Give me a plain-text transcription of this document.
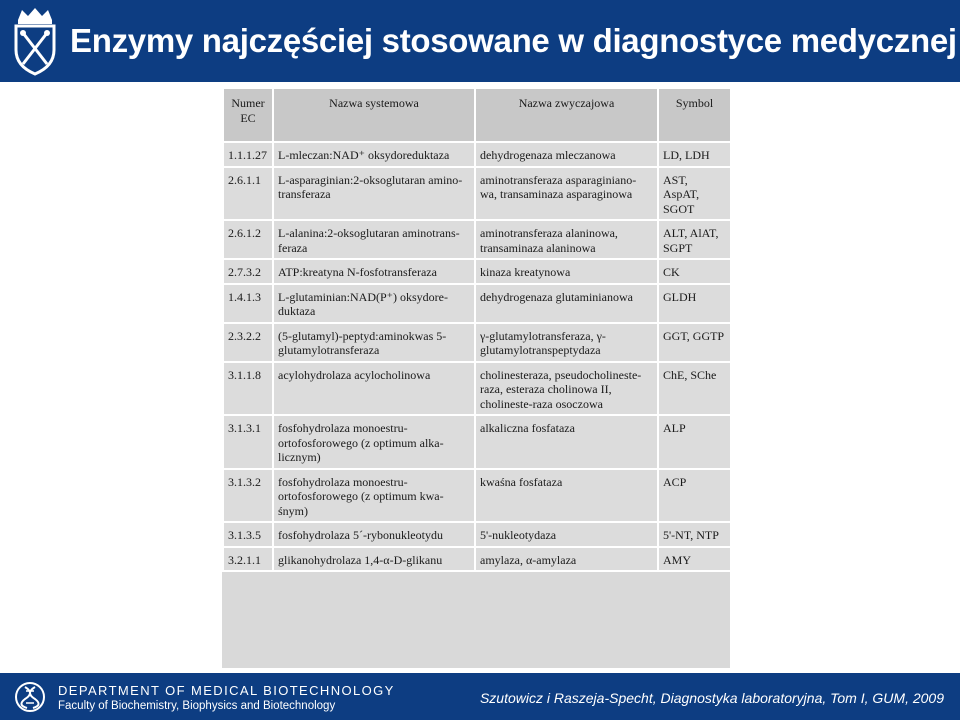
Enzymy najczęściej stosowane w diagnostyce medycznej
Numer EC	Nazwa systemowa	Nazwa zwyczajowa	Symbol
1.1.1.27	L-mleczan:NAD⁺ oksydoreduktaza	dehydrogenaza mleczanowa	LD, LDH
2.6.1.1	L-asparaginian:2-oksoglutaran amino-transferaza	aminotransferaza asparaginiano-wa, transaminaza asparaginowa	AST, AspAT, SGOT
2.6.1.2	L-alanina:2-oksoglutaran aminotrans-feraza	aminotransferaza alaninowa, transaminaza alaninowa	ALT, AlAT, SGPT
2.7.3.2	ATP:kreatyna N-fosfotransferaza	kinaza kreatynowa	CK
1.4.1.3	L-glutaminian:NAD(P⁺) oksydore-duktaza	dehydrogenaza glutaminianowa	GLDH
2.3.2.2	(5-glutamyl)-peptyd:aminokwas 5-glutamylotransferaza	γ-glutamylotransferaza, γ-glutamylotranspeptydaza	GGT, GGTP
3.1.1.8	acylohydrolaza acylocholinowa	cholinesteraza, pseudocholineste-raza, esteraza cholinowa II, cholineste-raza osoczowa	ChE, SChe
3.1.3.1	fosfohydrolaza monoestru-ortofosforowego (z optimum alka-licznym)	alkaliczna fosfataza	ALP
3.1.3.2	fosfohydrolaza monoestru-ortofosforowego (z optimum kwa-śnym)	kwaśna fosfataza	ACP
3.1.3.5	fosfohydrolaza 5´-rybonukleotydu	5'-nukleotydaza	5'-NT, NTP
3.2.1.1	glikanohydrolaza 1,4-α-D-glikanu	amylaza, α-amylaza	AMY
DEPARTMENT OF MEDICAL BIOTECHNOLOGY
Faculty of Biochemistry, Biophysics and Biotechnology	Szutowicz i Raszeja-Specht, Diagnostyka laboratoryjna, Tom I, GUM, 2009
